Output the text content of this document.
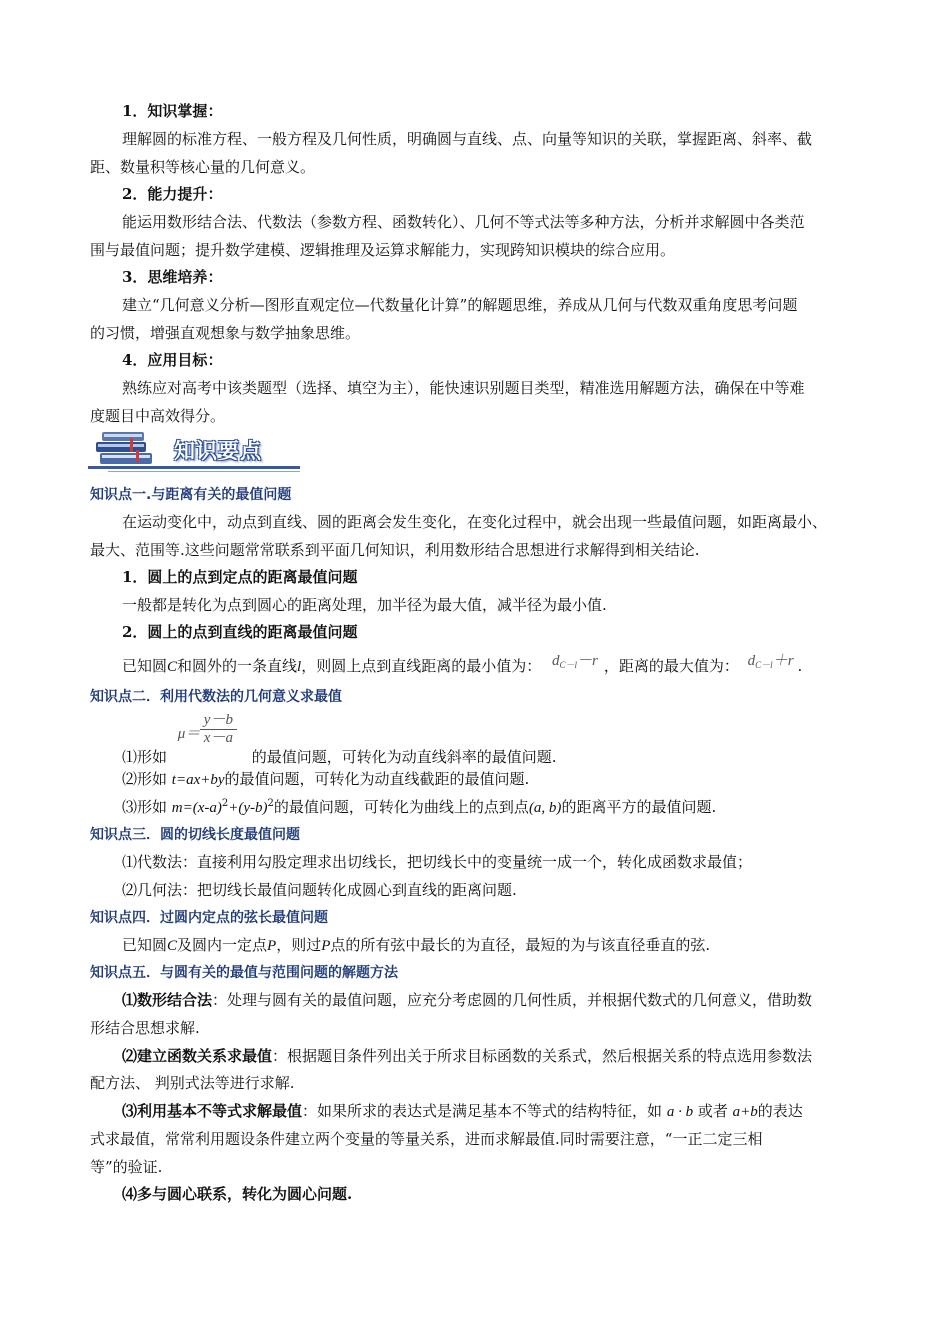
1．知识掌握：
理解圆的标准方程、一般方程及几何性质，明确圆与直线、点、向量等知识的关联，掌握距离、斜率、截
距、数量积等核心量的几何意义。
2．能力提升：
能运用数形结合法、代数法（参数方程、函数转化）、几何不等式法等多种方法，分析并求解圆中各类范
围与最值问题；提升数学建模、逻辑推理及运算求解能力，实现跨知识模块的综合应用。
3．思维培养：
建立“几何意义分析—图形直观定位—代数量化计算”的解题思维，养成从几何与代数双重角度思考问题
的习惯，增强直观想象与数学抽象思维。
4．应用目标：
熟练应对高考中该类题型（选择、填空为主），能快速识别题目类型，精准选用解题方法，确保在中等难
度题目中高效得分。
知识要点
知识点一.与距离有关的最值问题
在运动变化中，动点到直线、圆的距离会发生变化，在变化过程中，就会出现一些最值问题，如距离最小、
最大、范围等.这些问题常常联系到平面几何知识，利用数形结合思想进行求解得到相关结论.
1．圆上的点到定点的距离最值问题
一般都是转化为点到圆心的距离处理，加半径为最大值，减半径为最小值.
2．圆上的点到直线的距离最值问题
已知圆C和圆外的一条直线l，则圆上点到直线距离的最小值为： $d_{C-l}-r$ ，距离的最大值为： $d_{C-l}+r$ .
知识点二．利用代数法的几何意义求最值
⑴形如
$\mu= \frac{y-b}{x-a}$
的最值问题，可转化为动直线斜率的最值问题.
⑵形如 t=ax+by的最值问题，可转化为动直线截距的最值问题.
⑶形如 $m=(x-a)^2+(y-b)^2$的最值问题，可转化为曲线上的点到点(a, b)的距离平方的最值问题.
知识点三．圆的切线长度最值问题
⑴代数法：直接利用勾股定理求出切线长，把切线长中的变量统一成一个，转化成函数求最值；
⑵几何法：把切线长最值问题转化成圆心到直线的距离问题.
知识点四．过圆内定点的弦长最值问题
已知圆C及圆内一定点P，则过P点的所有弦中最长的为直径，最短的为与该直径垂直的弦.
知识点五．与圆有关的最值与范围问题的解题方法
⑴数形结合法：处理与圆有关的最值问题，应充分考虑圆的几何性质，并根据代数式的几何意义，借助数
形结合思想求解.
⑵建立函数关系求最值：根据题目条件列出关于所求目标函数的关系式，然后根据关系的特点选用参数法
配方法、 判别式法等进行求解.
⑶利用基本不等式求解最值：如果所求的表达式是满足基本不等式的结构特征，如 a · b 或者 a+b的表达
式求最值，常常利用题设条件建立两个变量的等量关系，进而求解最值.同时需要注意，“一正二定三相
等”的验证.
⑷多与圆心联系，转化为圆心问题.
